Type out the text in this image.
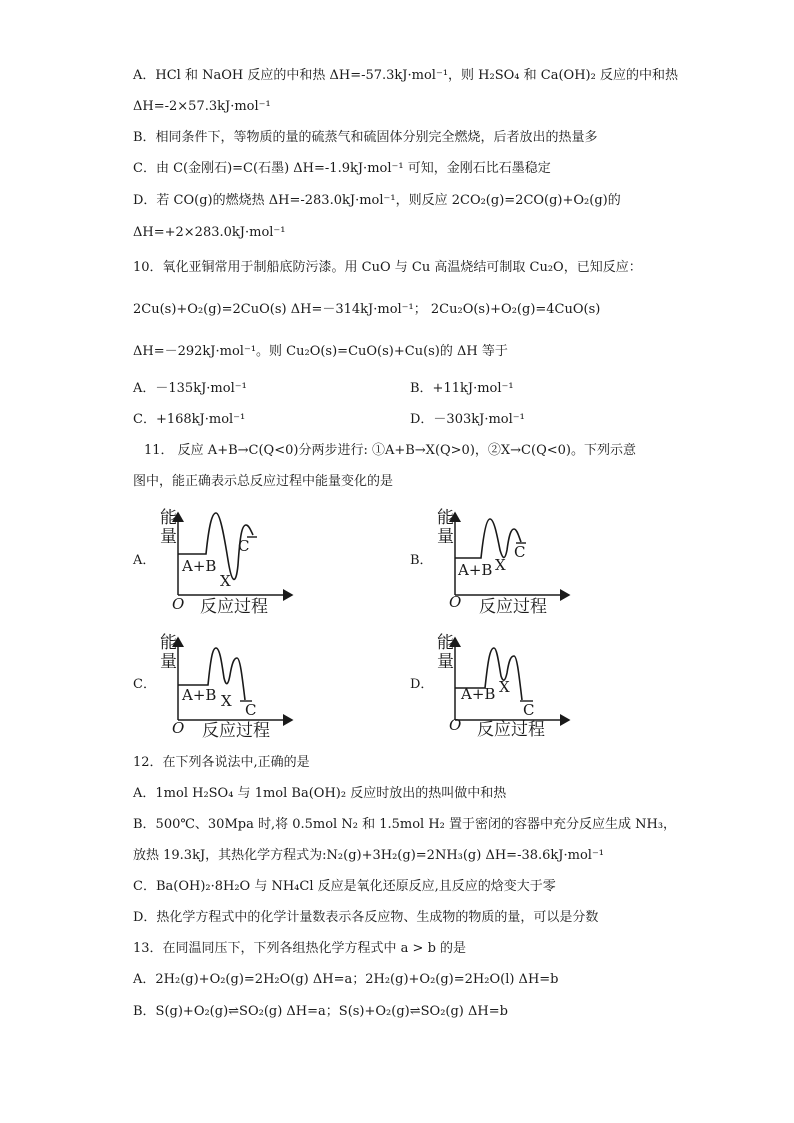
A．HCl 和 NaOH 反应的中和热 ΔH=-57.3kJ·mol⁻¹，则 H₂SO₄ 和 Ca(OH)₂ 反应的中和热
ΔH=-2×57.3kJ·mol⁻¹
B．相同条件下，等物质的量的硫蒸气和硫固体分别完全燃烧，后者放出的热量多
C．由 C(金刚石)=C(石墨) ΔH=-1.9kJ·mol⁻¹ 可知，金刚石比石墨稳定
D．若 CO(g)的燃烧热 ΔH=-283.0kJ·mol⁻¹，则反应 2CO₂(g)=2CO(g)+O₂(g)的
ΔH=+2×283.0kJ·mol⁻¹
10．氧化亚铜常用于制船底防污漆。用 CuO 与 Cu 高温烧结可制取 Cu₂O，已知反应：
2Cu(s)+O₂(g)=2CuO(s) ΔH=－314kJ·mol⁻¹； 2Cu₂O(s)+O₂(g)=4CuO(s)
ΔH=－292kJ·mol⁻¹。则 Cu₂O(s)=CuO(s)+Cu(s)的 ΔH 等于
A．－135kJ·mol⁻¹	B．+11kJ·mol⁻¹
C．+168kJ·mol⁻¹	D．－303kJ·mol⁻¹
11． 反应 A+B→C(Q<0)分两步进行: ①A+B→X(Q>0)，②X→C(Q<0)。下列示意
图中，能正确表示总反应过程中能量变化的是
A．
能量
反应过程
O
A+B
X
C
B．
能量
反应过程
O
A+B X
C
C．
能量
反应过程
O
A+B X C
D．
能量
反应过程
O
A+B X
C
12．在下列各说法中,正确的是
A．1mol H₂SO₄ 与 1mol Ba(OH)₂ 反应时放出的热叫做中和热
B．500℃、30Mpa 时,将 0.5mol N₂ 和 1.5mol H₂ 置于密闭的容器中充分反应生成 NH₃，
放热 19.3kJ，其热化学方程式为:N₂(g)+3H₂(g)=2NH₃(g) ΔH=-38.6kJ·mol⁻¹
C．Ba(OH)₂·8H₂O 与 NH₄Cl 反应是氧化还原反应,且反应的焓变大于零
D．热化学方程式中的化学计量数表示各反应物、生成物的物质的量，可以是分数
13．在同温同压下，下列各组热化学方程式中 a > b 的是
A．2H₂(g)+O₂(g)=2H₂O(g) ΔH=a；2H₂(g)+O₂(g)=2H₂O(l) ΔH=b
B．S(g)+O₂(g)⇌SO₂(g) ΔH=a；S(s)+O₂(g)⇌SO₂(g) ΔH=b
